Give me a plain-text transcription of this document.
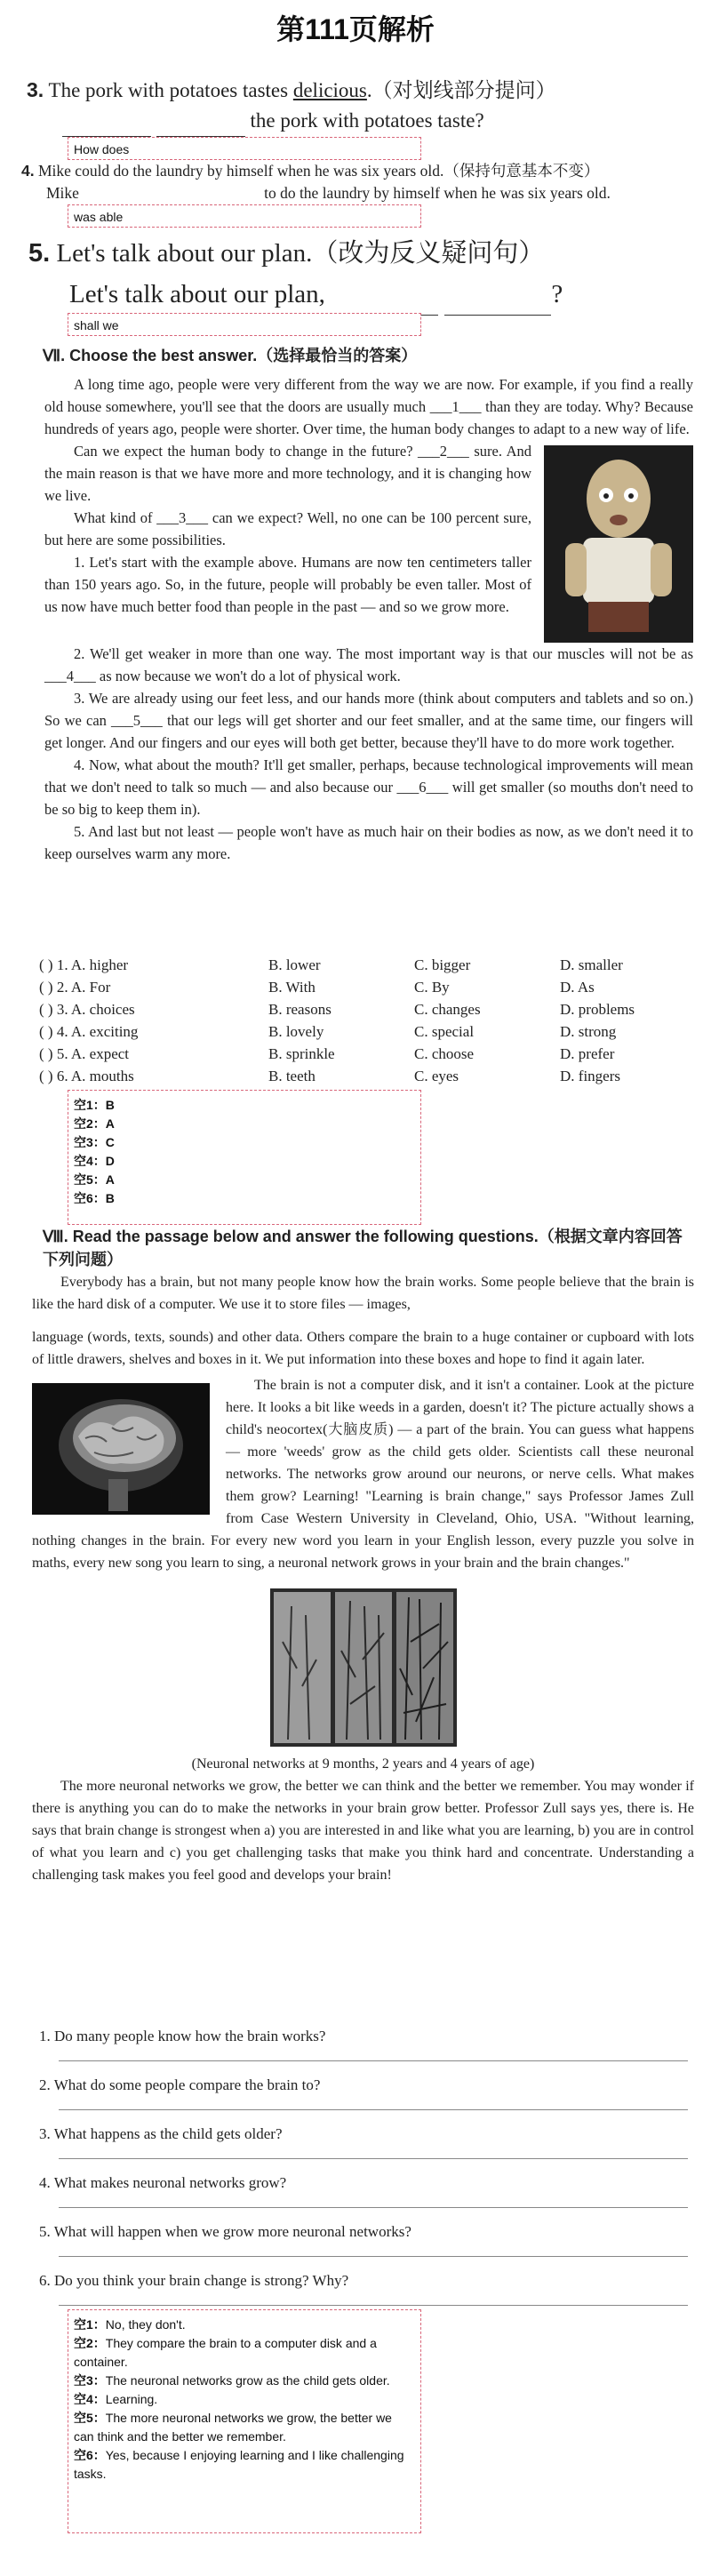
第111页解析
3. The pork with potatoes tastes delicious.（对划线部分提问）
the pork with potatoes taste?
How does
4. Mike could do the laundry by himself when he was six years old.（保持句意基本不变）
Mike	to do the laundry by himself when he was six years old.
was able
5. Let's talk about our plan.（改为反义疑问句）
Let's talk about our plan,	?
shall we
Ⅶ. Choose the best answer.（选择最恰当的答案）
A long time ago, people were very different from the way we are now. For example, if you find a really old house somewhere, you'll see that the doors are usually much ___1___ than they are today. Why? Because hundreds of years ago, people were shorter. Over time, the human body changes to adapt to a new way of life.
Can we expect the human body to change in the future? ___2___ sure. And the main reason is that we have more and more technology, and it is changing how we live.
What kind of ___3___ can we expect? Well, no one can be 100 percent sure, but here are some possibilities.
1. Let's start with the example above. Humans are now ten centimeters taller than 150 years ago. So, in the future, people will probably be even taller. Most of us now have much better food than people in the past — and so we grow more.
2. We'll get weaker in more than one way. The most important way is that our muscles will not be as ___4___ as now because we won't do a lot of physical work.
3. We are already using our feet less, and our hands more (think about computers and tablets and so on.) So we can ___5___ that our legs will get shorter and our feet smaller, and at the same time, our fingers will get longer. And our fingers and our eyes will both get better, because they'll have to do more work together.
4. Now, what about the mouth? It'll get smaller, perhaps, because technological improvements will mean that we don't need to talk so much — and also because our ___6___ will get smaller (so mouths don't need to be so big to keep them in).
5. And last but not least — people won't have as much hair on their bodies as now, as we don't need it to keep ourselves warm any more.
( ) 1. A. higher	B. lower	C. bigger	D. smaller
( ) 2. A. For	B. With	C. By	D. As
( ) 3. A. choices	B. reasons	C. changes	D. problems
( ) 4. A. exciting	B. lovely	C. special	D. strong
( ) 5. A. expect	B. sprinkle	C. choose	D. prefer
( ) 6. A. mouths	B. teeth	C. eyes	D. fingers
空1：B
空2：A
空3：C
空4：D
空5：A
空6：B
Ⅷ. Read the passage below and answer the following questions.（根据文章内容回答下列问题）
Everybody has a brain, but not many people know how the brain works. Some people believe that the brain is like the hard disk of a computer. We use it to store files — images,
language (words, texts, sounds) and other data. Others compare the brain to a huge container or cupboard with lots of little drawers, shelves and boxes in it. We put information into these boxes and hope to find it again later.
The brain is not a computer disk, and it isn't a container. Look at the picture here. It looks a bit like weeds in a garden, doesn't it? The picture actually shows a child's neocortex(大脑皮质) — a part of the brain. You can guess what happens — more 'weeds' grow as the child gets older. Scientists call these neuronal networks. The networks grow around our neurons, or nerve cells. What makes them grow? Learning! "Learning is brain change," says Professor James Zull from Case Western University in Cleveland, Ohio, USA. "Without learning, nothing changes in the brain. For every new word you learn in your English lesson, every puzzle you solve in maths, every new song you learn to sing, a neuronal network grows in your brain and the brain changes."
(Neuronal networks at 9 months, 2 years and 4 years of age)
The more neuronal networks we grow, the better we can think and the better we remember. You may wonder if there is anything you can do to make the networks in your brain grow better. Professor Zull says yes, there is. He says that brain change is strongest when a) you are interested in and like what you are learning, b) you are in control of what you learn and c) you get challenging tasks that make you think hard and concentrate. Understanding a challenging task makes you feel good and develops your brain!
1. Do many people know how the brain works?
2. What do some people compare the brain to?
3. What happens as the child gets older?
4. What makes neuronal networks grow?
5. What will happen when we grow more neuronal networks?
6. Do you think your brain change is strong? Why?
空1：No, they don't.
空2：They compare the brain to a computer disk and a container.
空3：The neuronal networks grow as the child gets older.
空4：Learning.
空5：The more neuronal networks we grow, the better we can think and the better we remember.
空6：Yes, because I enjoying learning and I like challenging tasks.
